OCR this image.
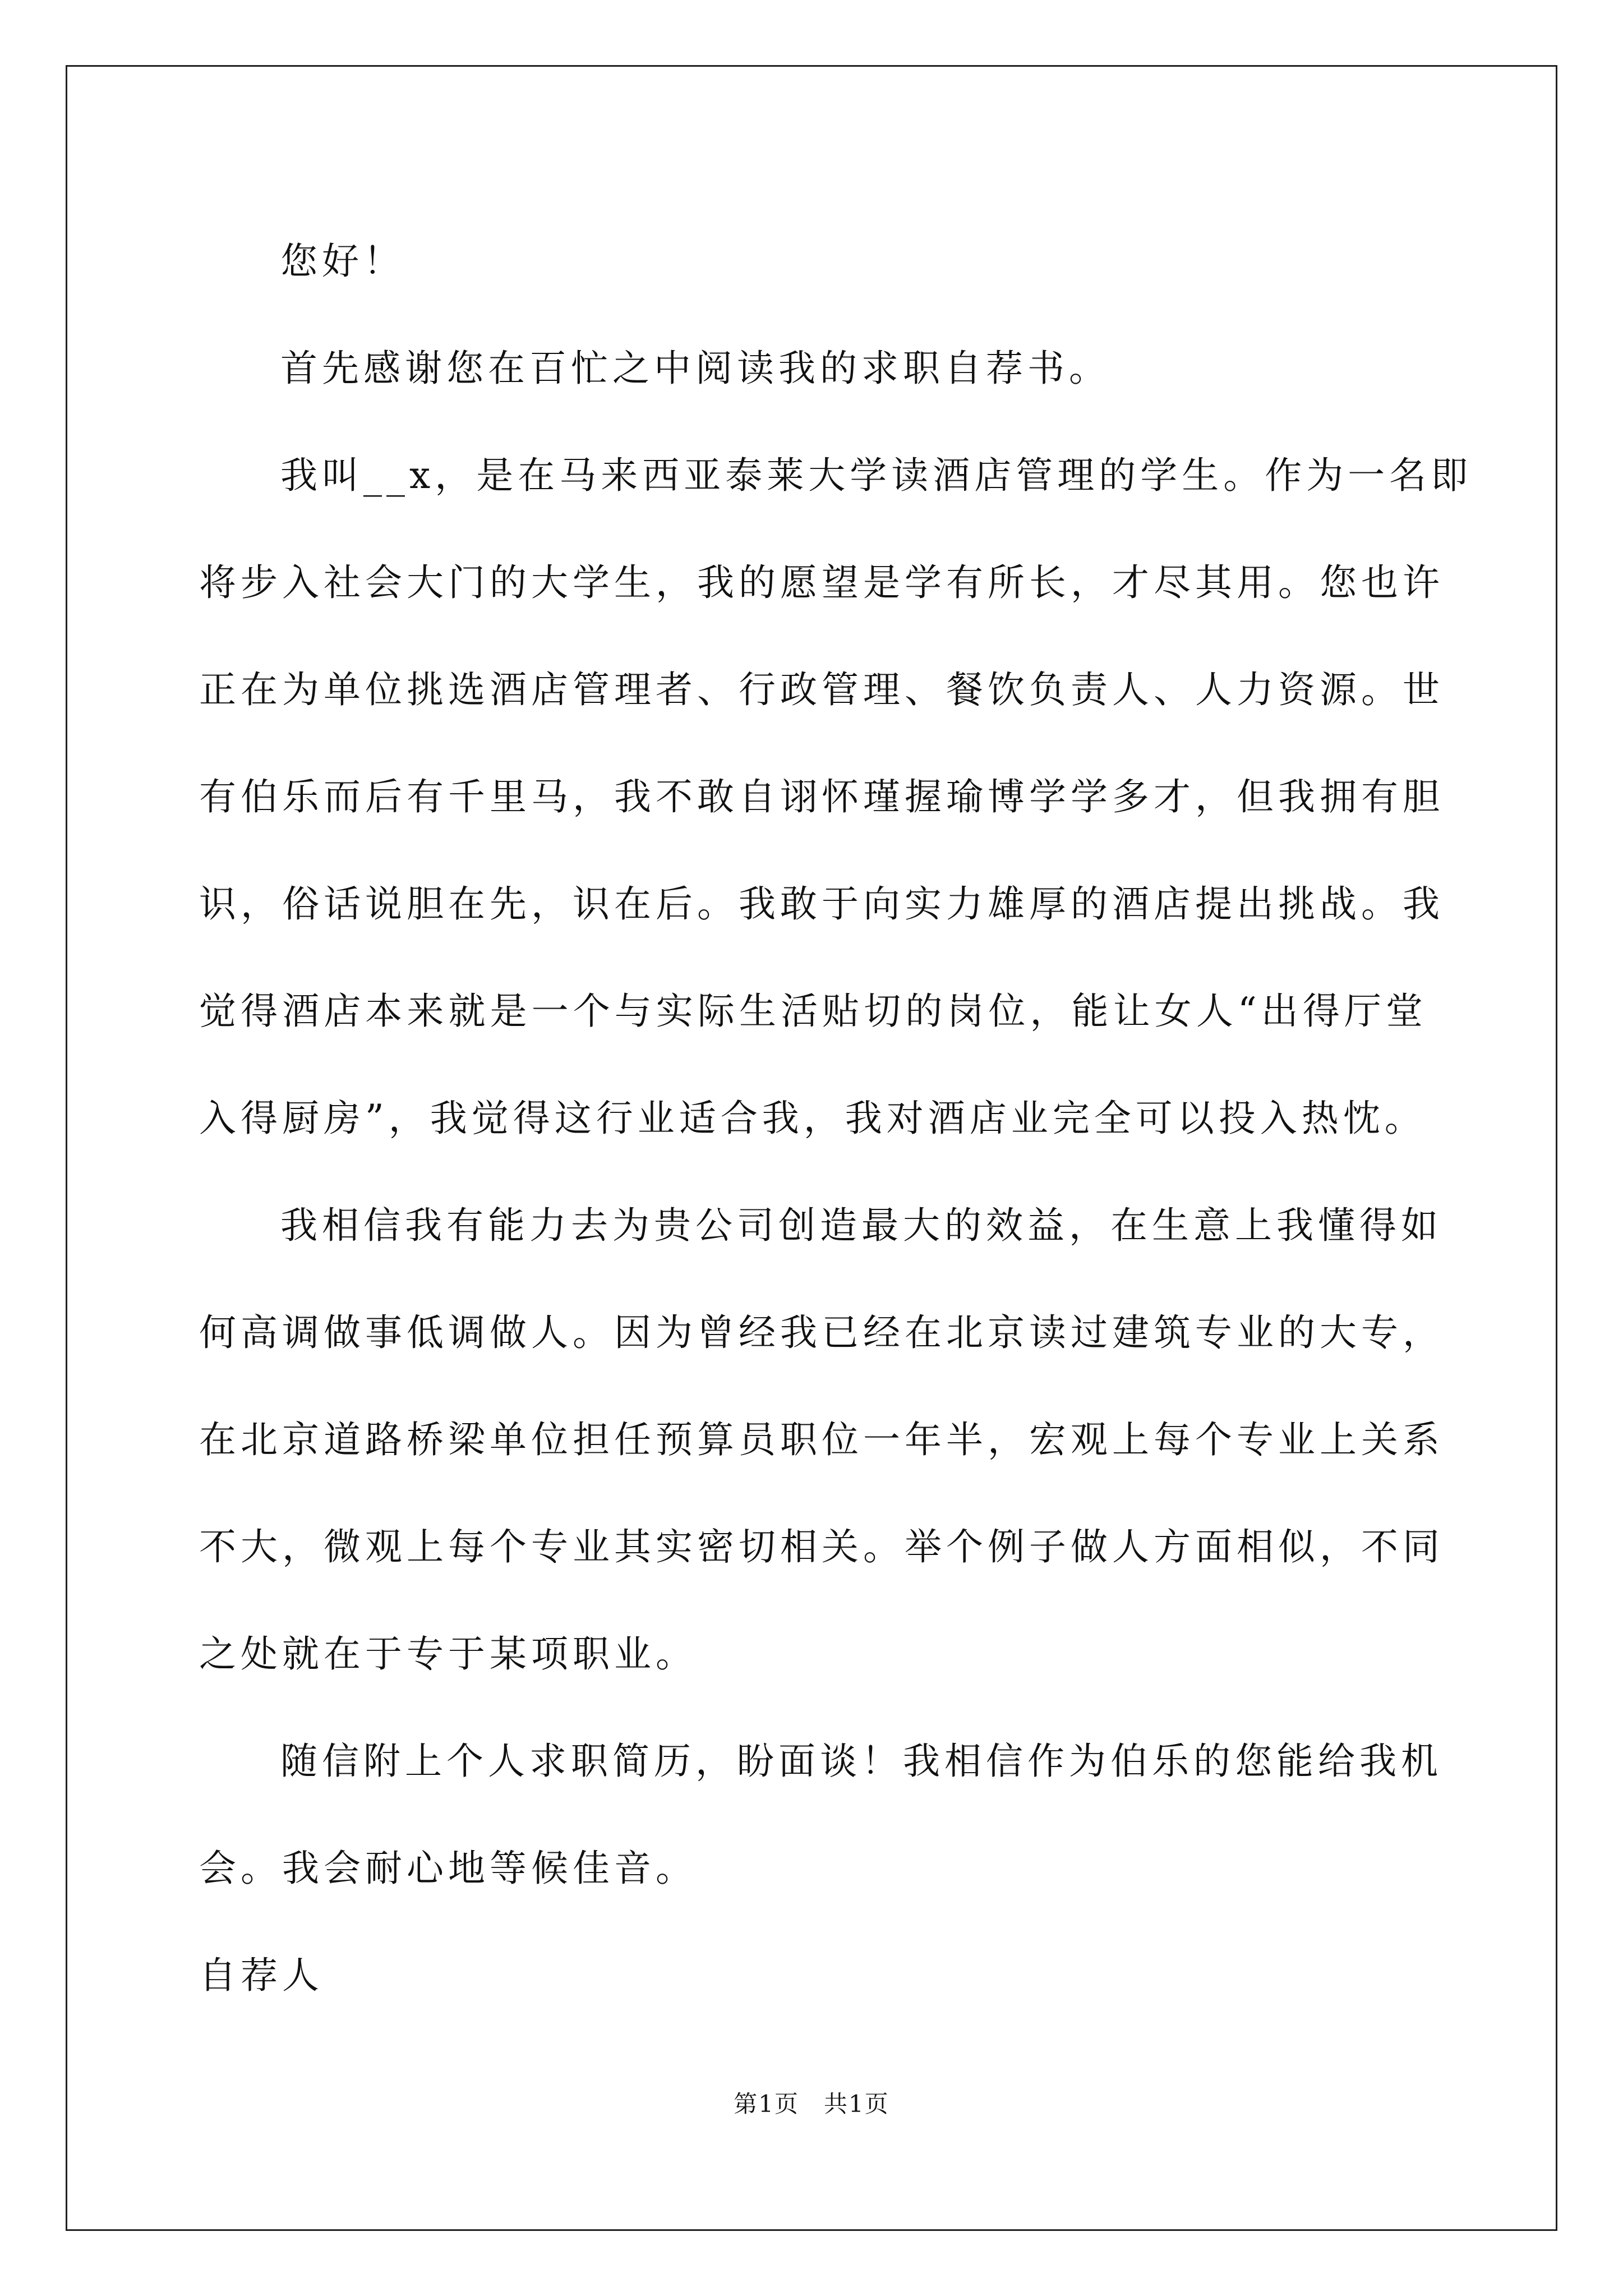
您好！

首先感谢您在百忙之中阅读我的求职自荐书。

我叫__x，是在马来西亚泰莱大学读酒店管理的学生。作为一名即
将步入社会大门的大学生，我的愿望是学有所长，才尽其用。您也许
正在为单位挑选酒店管理者、行政管理、餐饮负责人、人力资源。世
有伯乐而后有千里马，我不敢自诩怀瑾握瑜博学学多才，但我拥有胆
识，俗话说胆在先，识在后。我敢于向实力雄厚的酒店提出挑战。我
觉得酒店本来就是一个与实际生活贴切的岗位，能让女人“出得厅堂
入得厨房”，我觉得这行业适合我，我对酒店业完全可以投入热忱。

我相信我有能力去为贵公司创造最大的效益，在生意上我懂得如
何高调做事低调做人。因为曾经我已经在北京读过建筑专业的大专，
在北京道路桥梁单位担任预算员职位一年半，宏观上每个专业上关系
不大，微观上每个专业其实密切相关。举个例子做人方面相似，不同
之处就在于专于某项职业。

随信附上个人求职简历，盼面谈！我相信作为伯乐的您能给我机
会。我会耐心地等候佳音。

自荐人

第1页　共1页
